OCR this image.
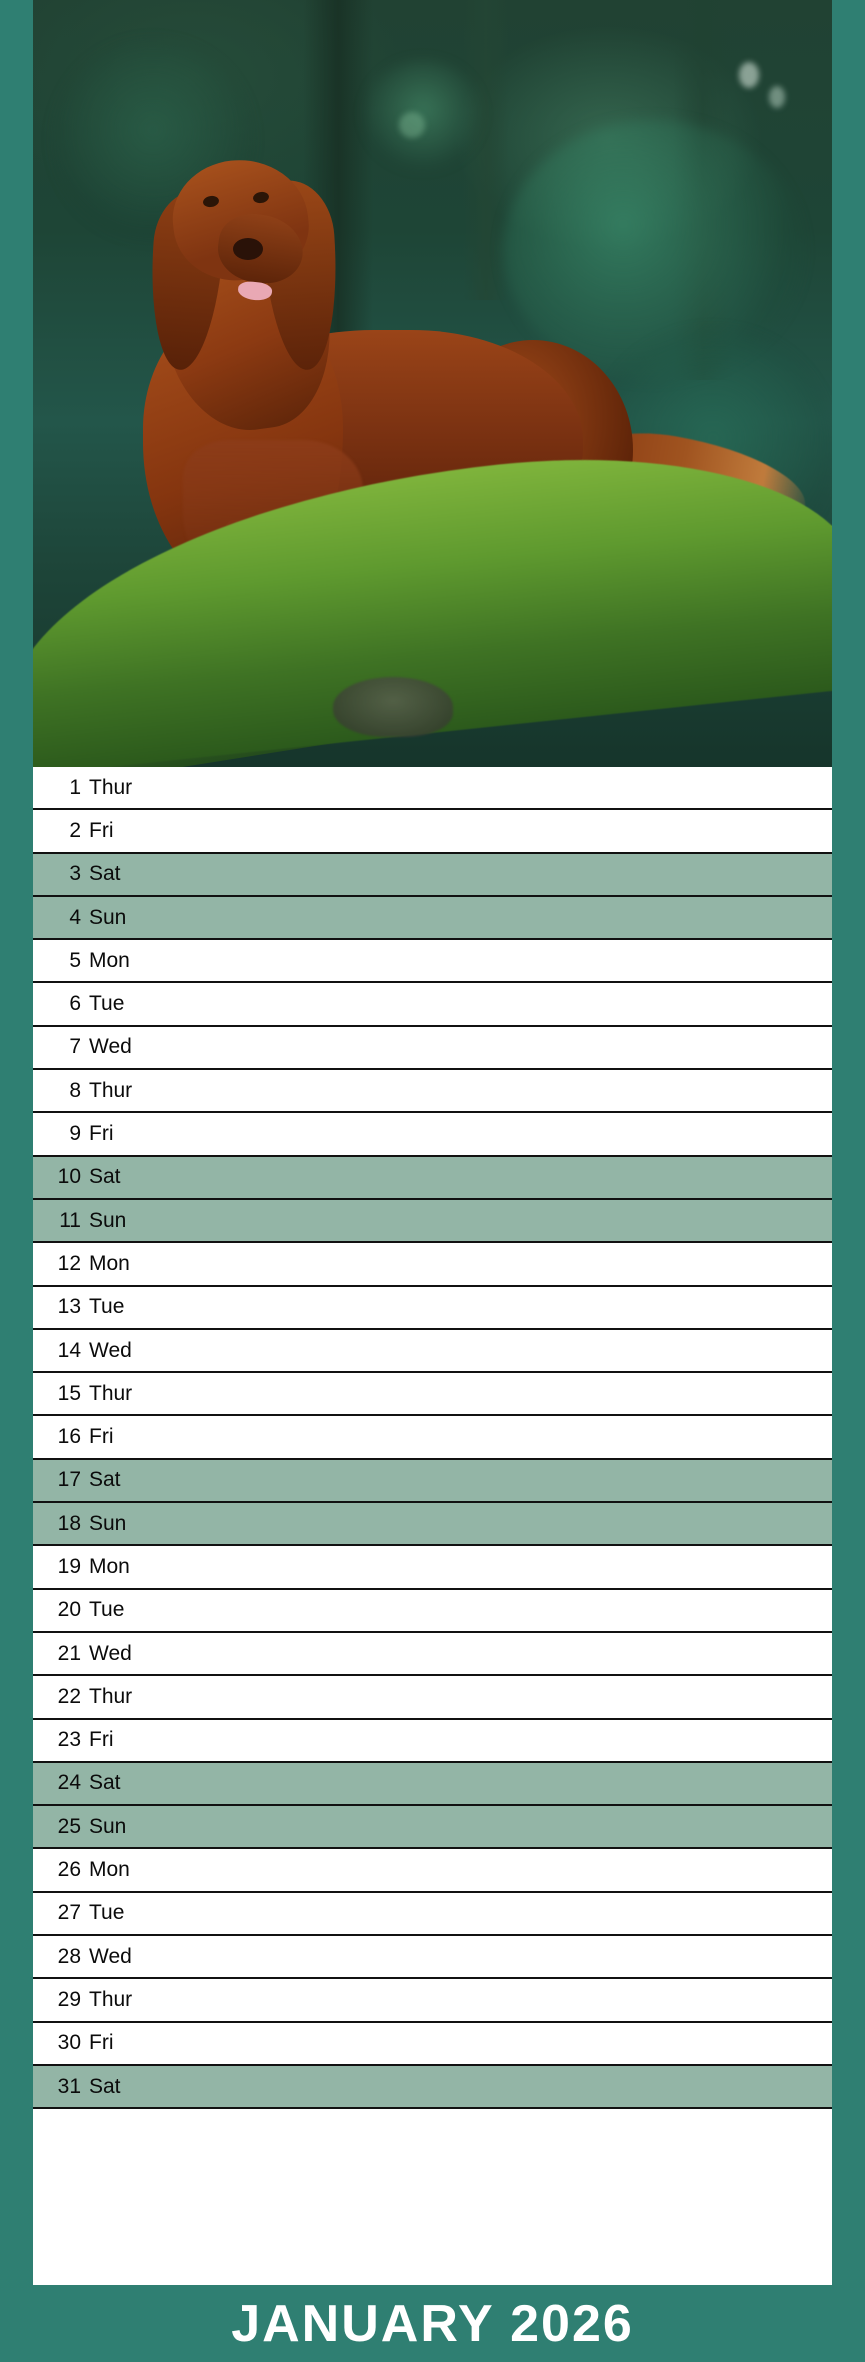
1 Thur
2 Fri
3 Sat
4 Sun
5 Mon
6 Tue
7 Wed
8 Thur
9 Fri
10 Sat
11 Sun
12 Mon
13 Tue
14 Wed
15 Thur
16 Fri
17 Sat
18 Sun
19 Mon
20 Tue
21 Wed
22 Thur
23 Fri
24 Sat
25 Sun
26 Mon
27 Tue
28 Wed
29 Thur
30 Fri
31 Sat
JANUARY 2026
